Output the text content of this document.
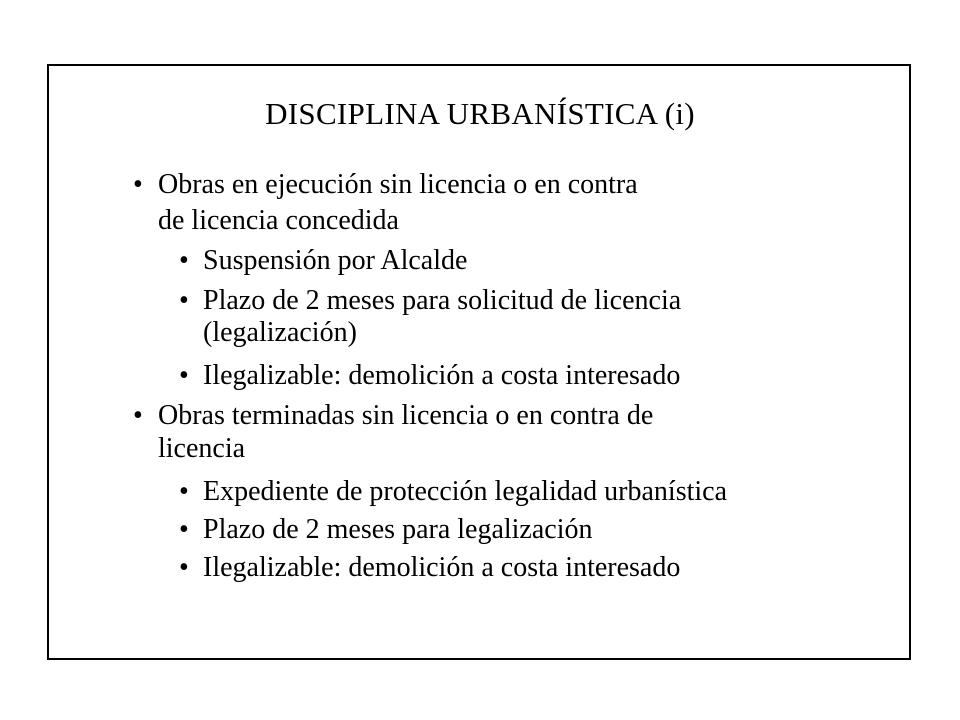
DISCIPLINA URBANÍSTICA (i)
• Obras en ejecución sin licencia o en contra
de licencia concedida
• Suspensión por Alcalde
• Plazo de 2 meses para solicitud de licencia
(legalización)
• Ilegalizable: demolición a costa interesado
• Obras terminadas sin licencia o en contra de
licencia
• Expediente de protección legalidad urbanística
• Plazo de 2 meses para legalización
• Ilegalizable: demolición a costa interesado
